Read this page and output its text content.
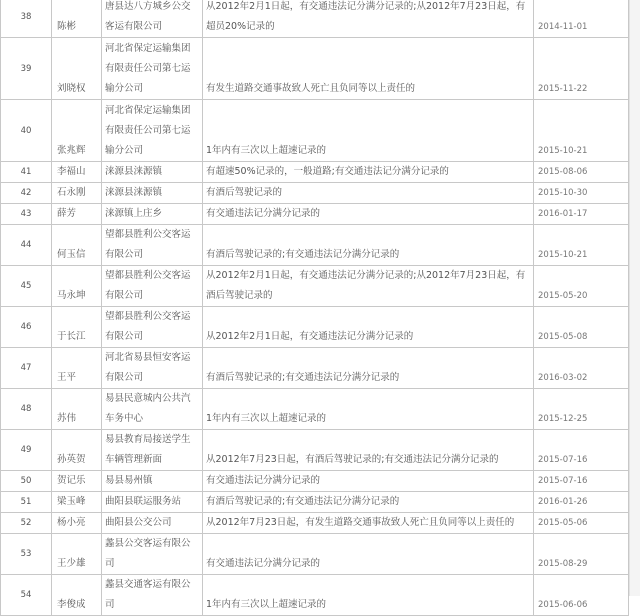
38	陈彬	唐县达八方城乡公交客运有限公司	从2012年2月1日起，有交通违法记分满分记录的;从2012年7月23日起，有超员20%记录的	2014-11-01
39	刘晓权	河北省保定运输集团有限责任公司第七运输分公司	有发生道路交通事故致人死亡且负同等以上责任的	2015-11-22
40	张兆辉	河北省保定运输集团有限责任公司第七运输分公司	1年内有三次以上超速记录的	2015-10-21
41	李福山	涞源县涞源镇	有超速50%记录的，一般道路;有交通违法记分满分记录的	2015-08-06
42	石永刚	涞源县涞源镇	有酒后驾驶记录的	2015-10-30
43	薛芳	涞源镇上庄乡	有交通违法记分满分记录的	2016-01-17
44	何玉信	望都县胜利公交客运有限公司	有酒后驾驶记录的;有交通违法记分满分记录的	2015-10-21
45	马永坤	望都县胜利公交客运有限公司	从2012年2月1日起，有交通违法记分满分记录的;从2012年7月23日起，有酒后驾驶记录的	2015-05-20
46	于长江	望都县胜利公交客运有限公司	从2012年2月1日起，有交通违法记分满分记录的	2015-05-08
47	王平	河北省易县恒安客运有限公司	有酒后驾驶记录的;有交通违法记分满分记录的	2016-03-02
48	苏伟	易县民意城内公共汽车务中心	1年内有三次以上超速记录的	2015-12-25
49	孙英贺	易县教育局接送学生车辆管理新面	从2012年7月23日起，有酒后驾驶记录的;有交通违法记分满分记录的	2015-07-16
50	贺记乐	易县易州镇	有交通违法记分满分记录的	2015-07-16
51	梁玉峰	曲阳县联运服务站	有酒后驾驶记录的;有交通违法记分满分记录的	2016-01-26
52	杨小亮	曲阳县公交公司	从2012年7月23日起，有发生道路交通事故致人死亡且负同等以上责任的	2015-05-06
53	王少雄	蠡县公交客运有限公司	有交通违法记分满分记录的	2015-08-29
54	李俊成	蠡县交通客运有限公司	1年内有三次以上超速记录的	2015-06-06
